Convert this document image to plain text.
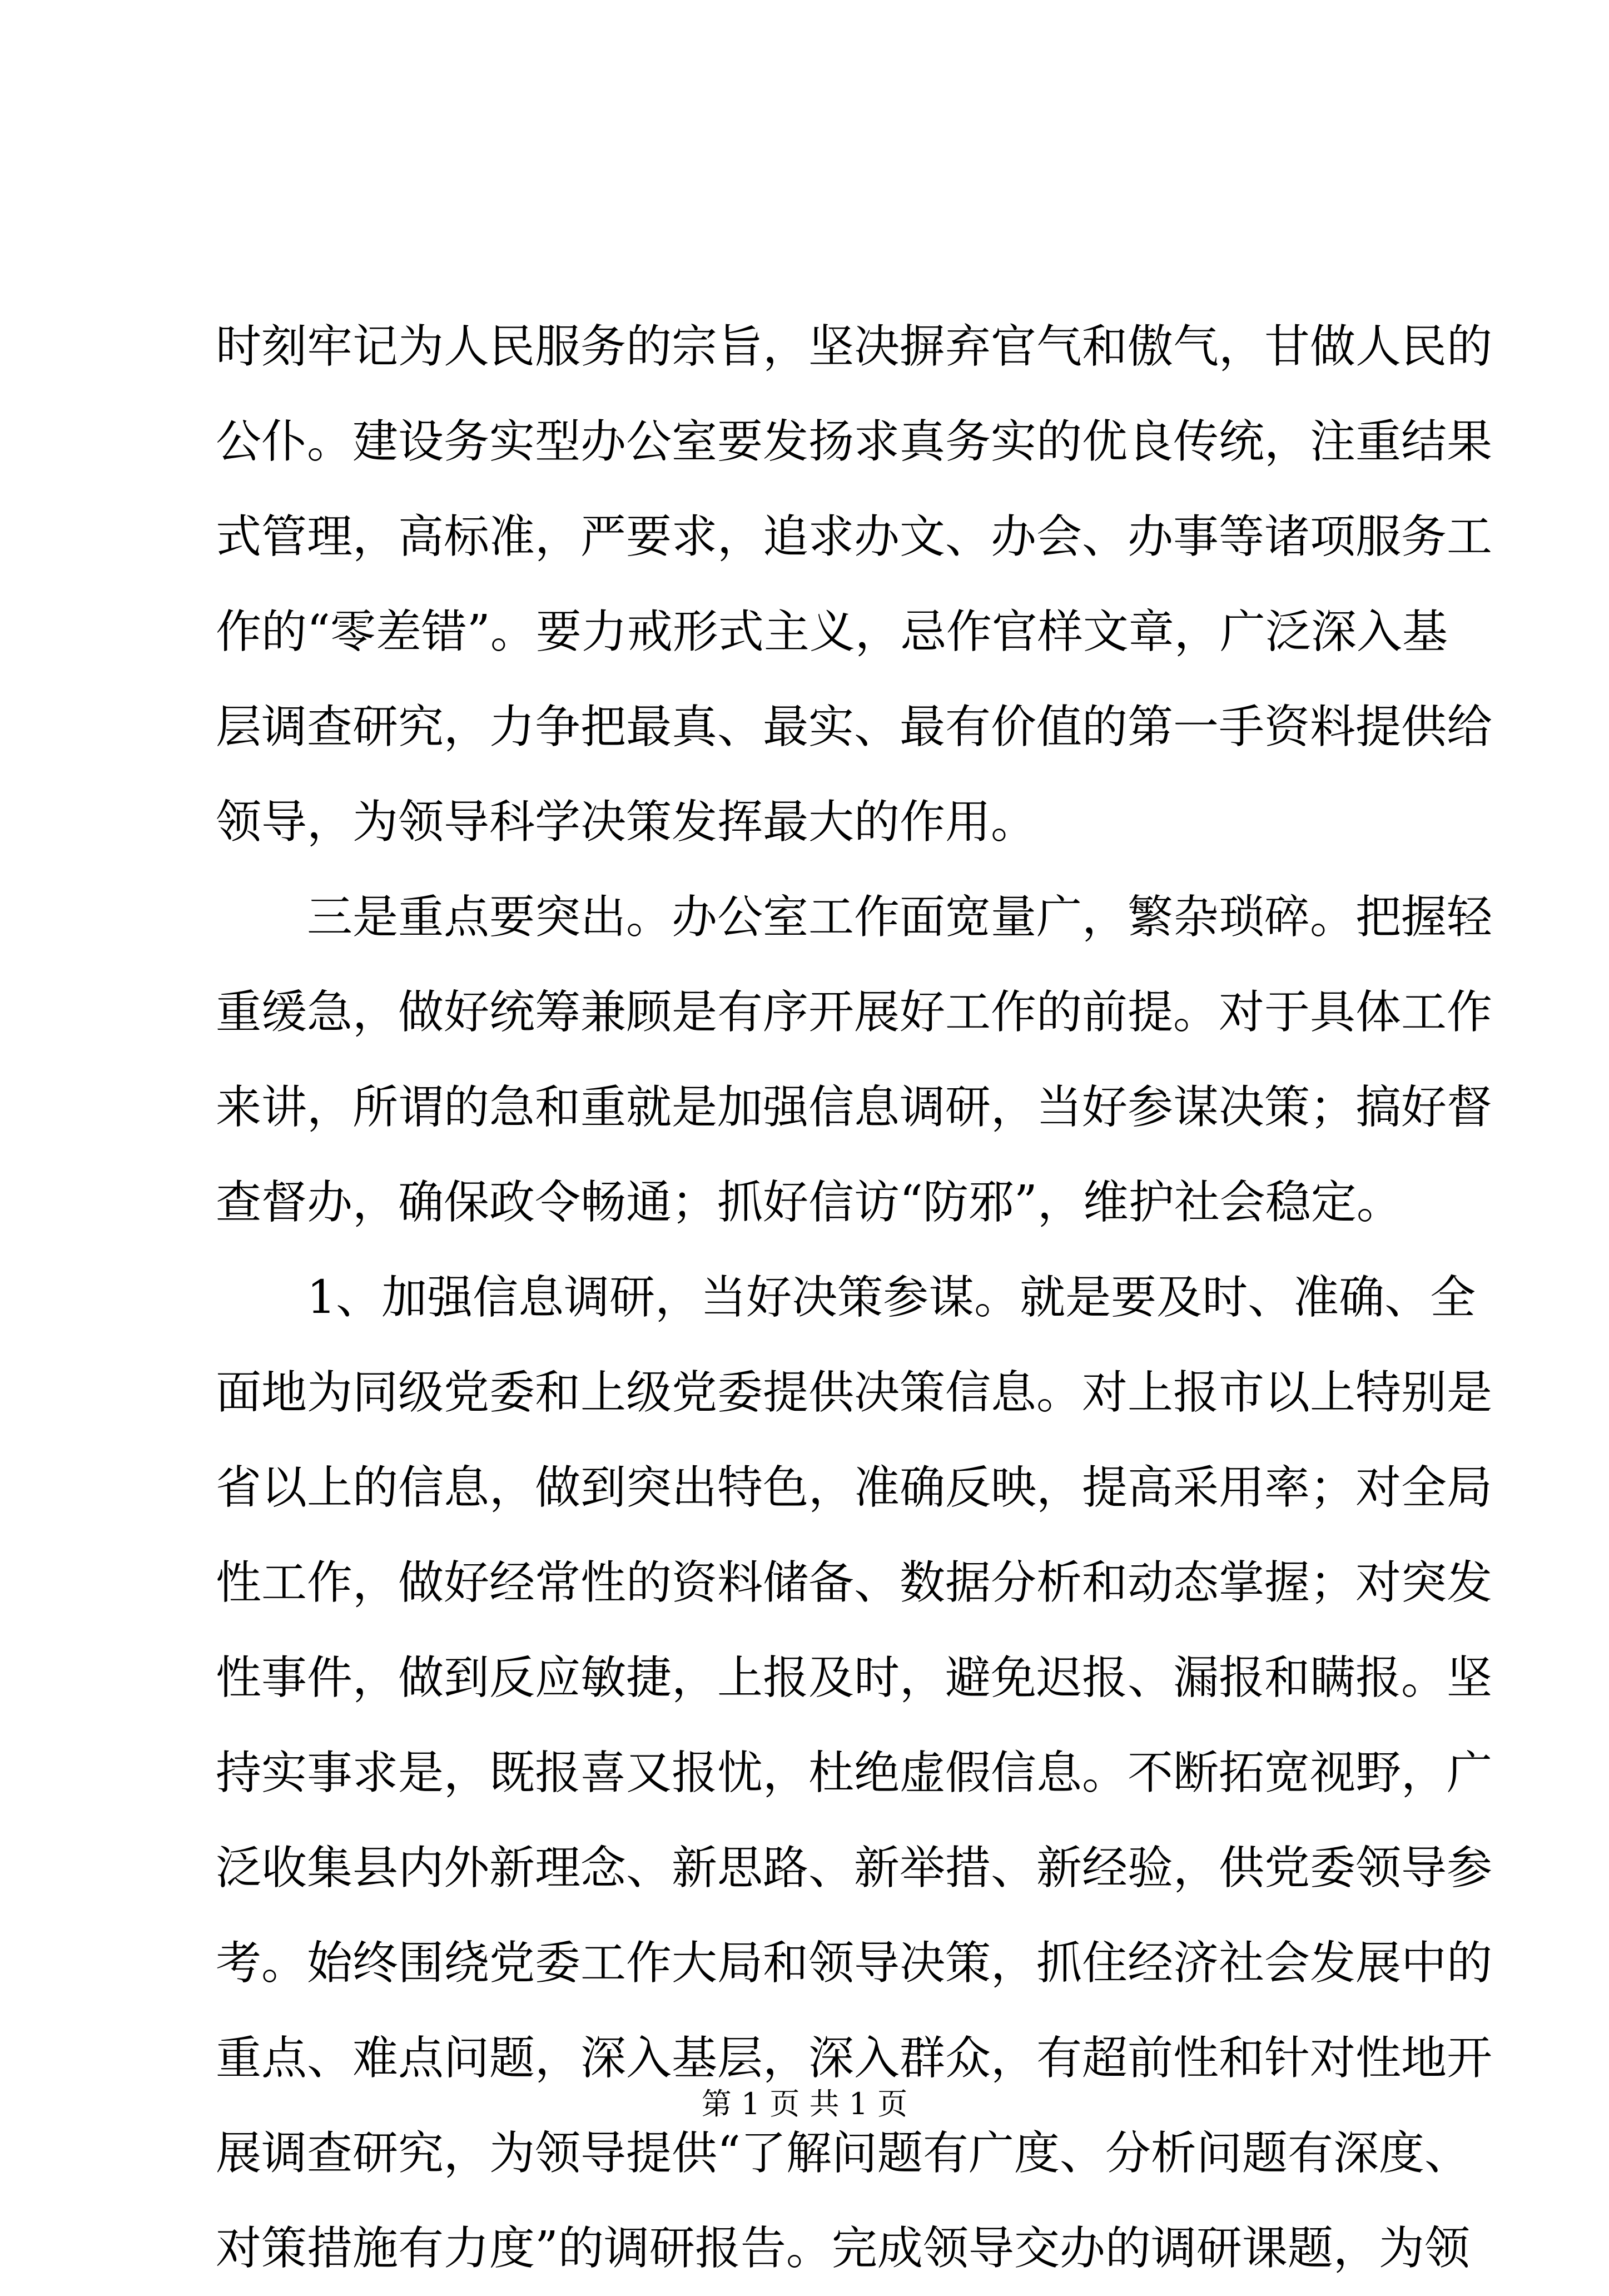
时刻牢记为人民服务的宗旨，坚决摒弃官气和傲气，甘做人民的
公仆。建设务实型办公室要发扬求真务实的优良传统，注重结果
式管理，高标准，严要求，追求办文、办会、办事等诸项服务工
作的“零差错”。要力戒形式主义，忌作官样文章，广泛深入基
层调查研究，力争把最真、最实、最有价值的第一手资料提供给
领导，为领导科学决策发挥最大的作用。
　　三是重点要突出。办公室工作面宽量广，繁杂琐碎。把握轻
重缓急，做好统筹兼顾是有序开展好工作的前提。对于具体工作
来讲，所谓的急和重就是加强信息调研，当好参谋决策；搞好督
查督办，确保政令畅通；抓好信访“防邪”，维护社会稳定。
　　1、加强信息调研，当好决策参谋。就是要及时、准确、全
面地为同级党委和上级党委提供决策信息。对上报市以上特别是
省以上的信息，做到突出特色，准确反映，提高采用率；对全局
性工作，做好经常性的资料储备、数据分析和动态掌握；对突发
性事件，做到反应敏捷，上报及时，避免迟报、漏报和瞒报。坚
持实事求是，既报喜又报忧，杜绝虚假信息。不断拓宽视野，广
泛收集县内外新理念、新思路、新举措、新经验，供党委领导参
考。始终围绕党委工作大局和领导决策，抓住经济社会发展中的
重点、难点问题，深入基层，深入群众，有超前性和针对性地开
展调查研究，为领导提供“了解问题有广度、分析问题有深度、
对策措施有力度”的调研报告。完成领导交办的调研课题，为领
第 1 页 共 1 页
